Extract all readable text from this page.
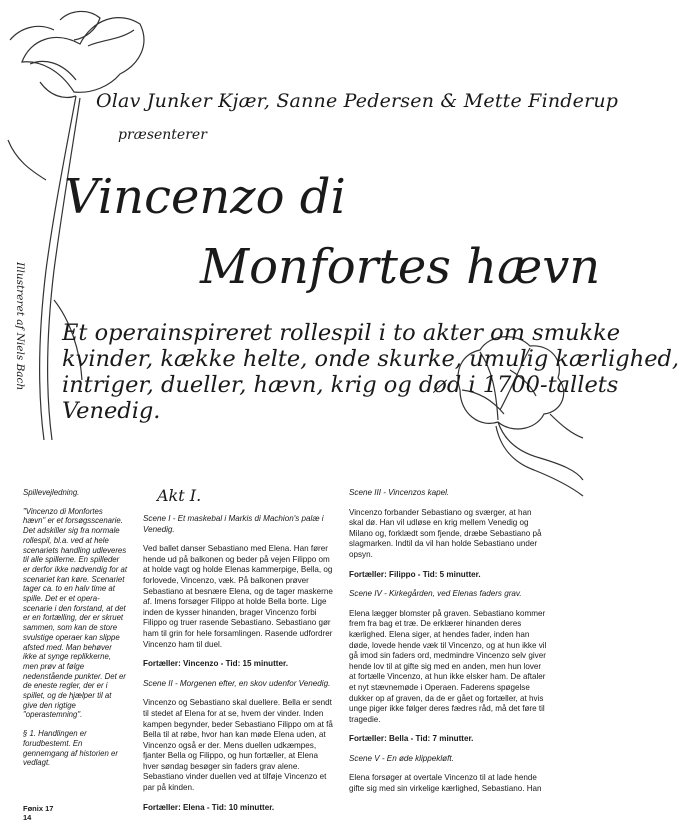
Olav Junker Kjær, Sanne Pedersen & Mette Finderup
præsenterer
Vincenzo di
Monfortes hævn
Et operainspireret rollespil i to akter om smukke
kvinder, kække helte, onde skurke, umulig kærlighed,
intriger, dueller, hævn, krig og død i 1700-tallets
Venedig.
Illustreret af Niels Bach

Spillevejledning.

"Vincenzo di Monfortes hævn" er et forsøgsscenarie. Det adskiller sig fra normale rollespil, bl.a. ved at hele scenariets handling udleveres til alle spillerne. En spilleder er derfor ikke nødvendig for at scenariet kan køre. Scenariet tager ca. to en halv time at spille. Det er et opera-scenarie i den forstand, at det er en fortælling, der er skruet sammen, som kan de store svulstige operaer kan slippe afsted med. Man behøver ikke at synge replikkerne, men prøv at følge nedenstående punkter. Det er de eneste regler, der er i spillet, og de hjælper til at give den rigtige "operastemning".

§ 1. Handlingen er forudbestemt. En gennemgang af historien er vedlagt.

Akt I.

Scene I - Et maskebal i Markis di Machion's palæ i Venedig.

Ved ballet danser Sebastiano med Elena. Han fører hende ud på balkonen og beder på vejen Filippo om at holde vagt og holde Elenas kammerpige, Bella, og forlovede, Vincenzo, væk. På balkonen prøver Sebastiano at besnære Elena, og de tager maskerne af. Imens forsøger Filippo at holde Bella borte. Lige inden de kysser hinanden, brager Vincenzo forbi Filippo og truer rasende Sebastiano. Sebastiano gør ham til grin for hele forsamlingen. Rasende udfordrer Vincenzo ham til duel.

Fortæller: Vincenzo - Tid: 15 minutter.

Scene II - Morgenen efter, en skov udenfor Venedig.

Vincenzo og Sebastiano skal duellere. Bella er sendt til stedet af Elena for at se, hvem der vinder. Inden kampen begynder, beder Sebastiano Filippo om at få Bella til at røbe, hvor han kan møde Elena uden, at Vincenzo også er der. Mens duellen udkæmpes, fjanter Bella og Filippo, og hun fortæller, at Elena hver søndag besøger sin faders grav alene. Sebastiano vinder duellen ved at tilføje Vincenzo et par på kinden.

Fortæller: Elena - Tid: 10 minutter.

Scene III - Vincenzos kapel.

Vincenzo forbander Sebastiano og sværger, at han skal dø. Han vil udløse en krig mellem Venedig og Milano og, forklædt som fjende, dræbe Sebastiano på slagmarken. Indtil da vil han holde Sebastiano under opsyn.

Fortæller: Filippo - Tid: 5 minutter.

Scene IV - Kirkegården, ved Elenas faders grav.

Elena lægger blomster på graven. Sebastiano kommer frem fra bag et træ. De erklærer hinanden deres kærlighed. Elena siger, at hendes fader, inden han døde, lovede hende væk til Vincenzo, og at hun ikke vil gå imod sin faders ord, medmindre Vincenzo selv giver hende lov til at gifte sig med en anden, men hun lover at fortælle Vincenzo, at hun ikke elsker ham. De aftaler et nyt stævnemøde i Operaen. Faderens spøgelse dukker op af graven, da de er gået og fortæller, at hvis unge piger ikke følger deres fædres råd, må det føre til tragedie.

Fortæller: Bella - Tid: 7 minutter.

Scene V - En øde klippekløft.

Elena forsøger at overtale Vincenzo til at lade hende gifte sig med sin virkelige kærlighed, Sebastiano. Han

Fønix 17
14
